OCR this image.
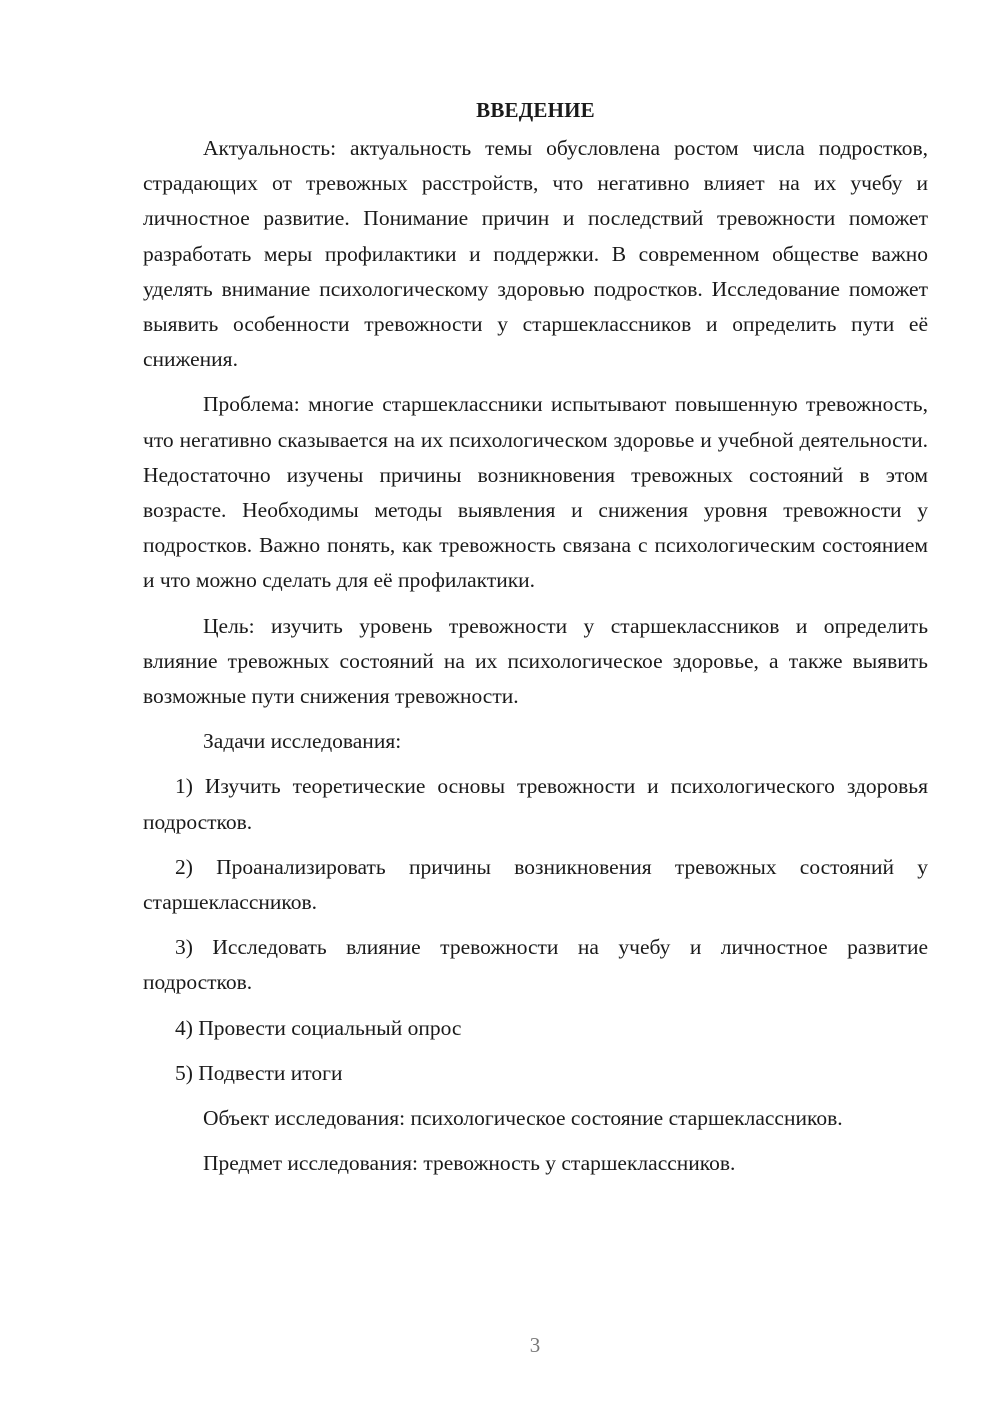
ВВЕДЕНИЕ

Актуальность: актуальность темы обусловлена ростом числа подростков, страдающих от тревожных расстройств, что негативно влияет на их учебу и личностное развитие. Понимание причин и последствий тревожности поможет разработать меры профилактики и поддержки. В современном обществе важно уделять внимание психологическому здоровью подростков. Исследование поможет выявить особенности тревожности у старшеклассников и определить пути её снижения.

Проблема: многие старшеклассники испытывают повышенную тревожность, что негативно сказывается на их психологическом здоровье и учебной деятельности. Недостаточно изучены причины возникновения тревожных состояний в этом возрасте. Необходимы методы выявления и снижения уровня тревожности у подростков. Важно понять, как тревожность связана с психологическим состоянием и что можно сделать для её профилактики.

Цель: изучить уровень тревожности у старшеклассников и определить влияние тревожных состояний на их психологическое здоровье, а также выявить возможные пути снижения тревожности.

Задачи исследования:

1) Изучить теоретические основы тревожности и психологического здоровья подростков.

2) Проанализировать причины возникновения тревожных состояний у старшеклассников.

3) Исследовать влияние тревожности на учебу и личностное развитие подростков.

4) Провести социальный опрос

5) Подвести итоги

Объект исследования: психологическое состояние старшеклассников.

Предмет исследования: тревожность у старшеклассников.

3
